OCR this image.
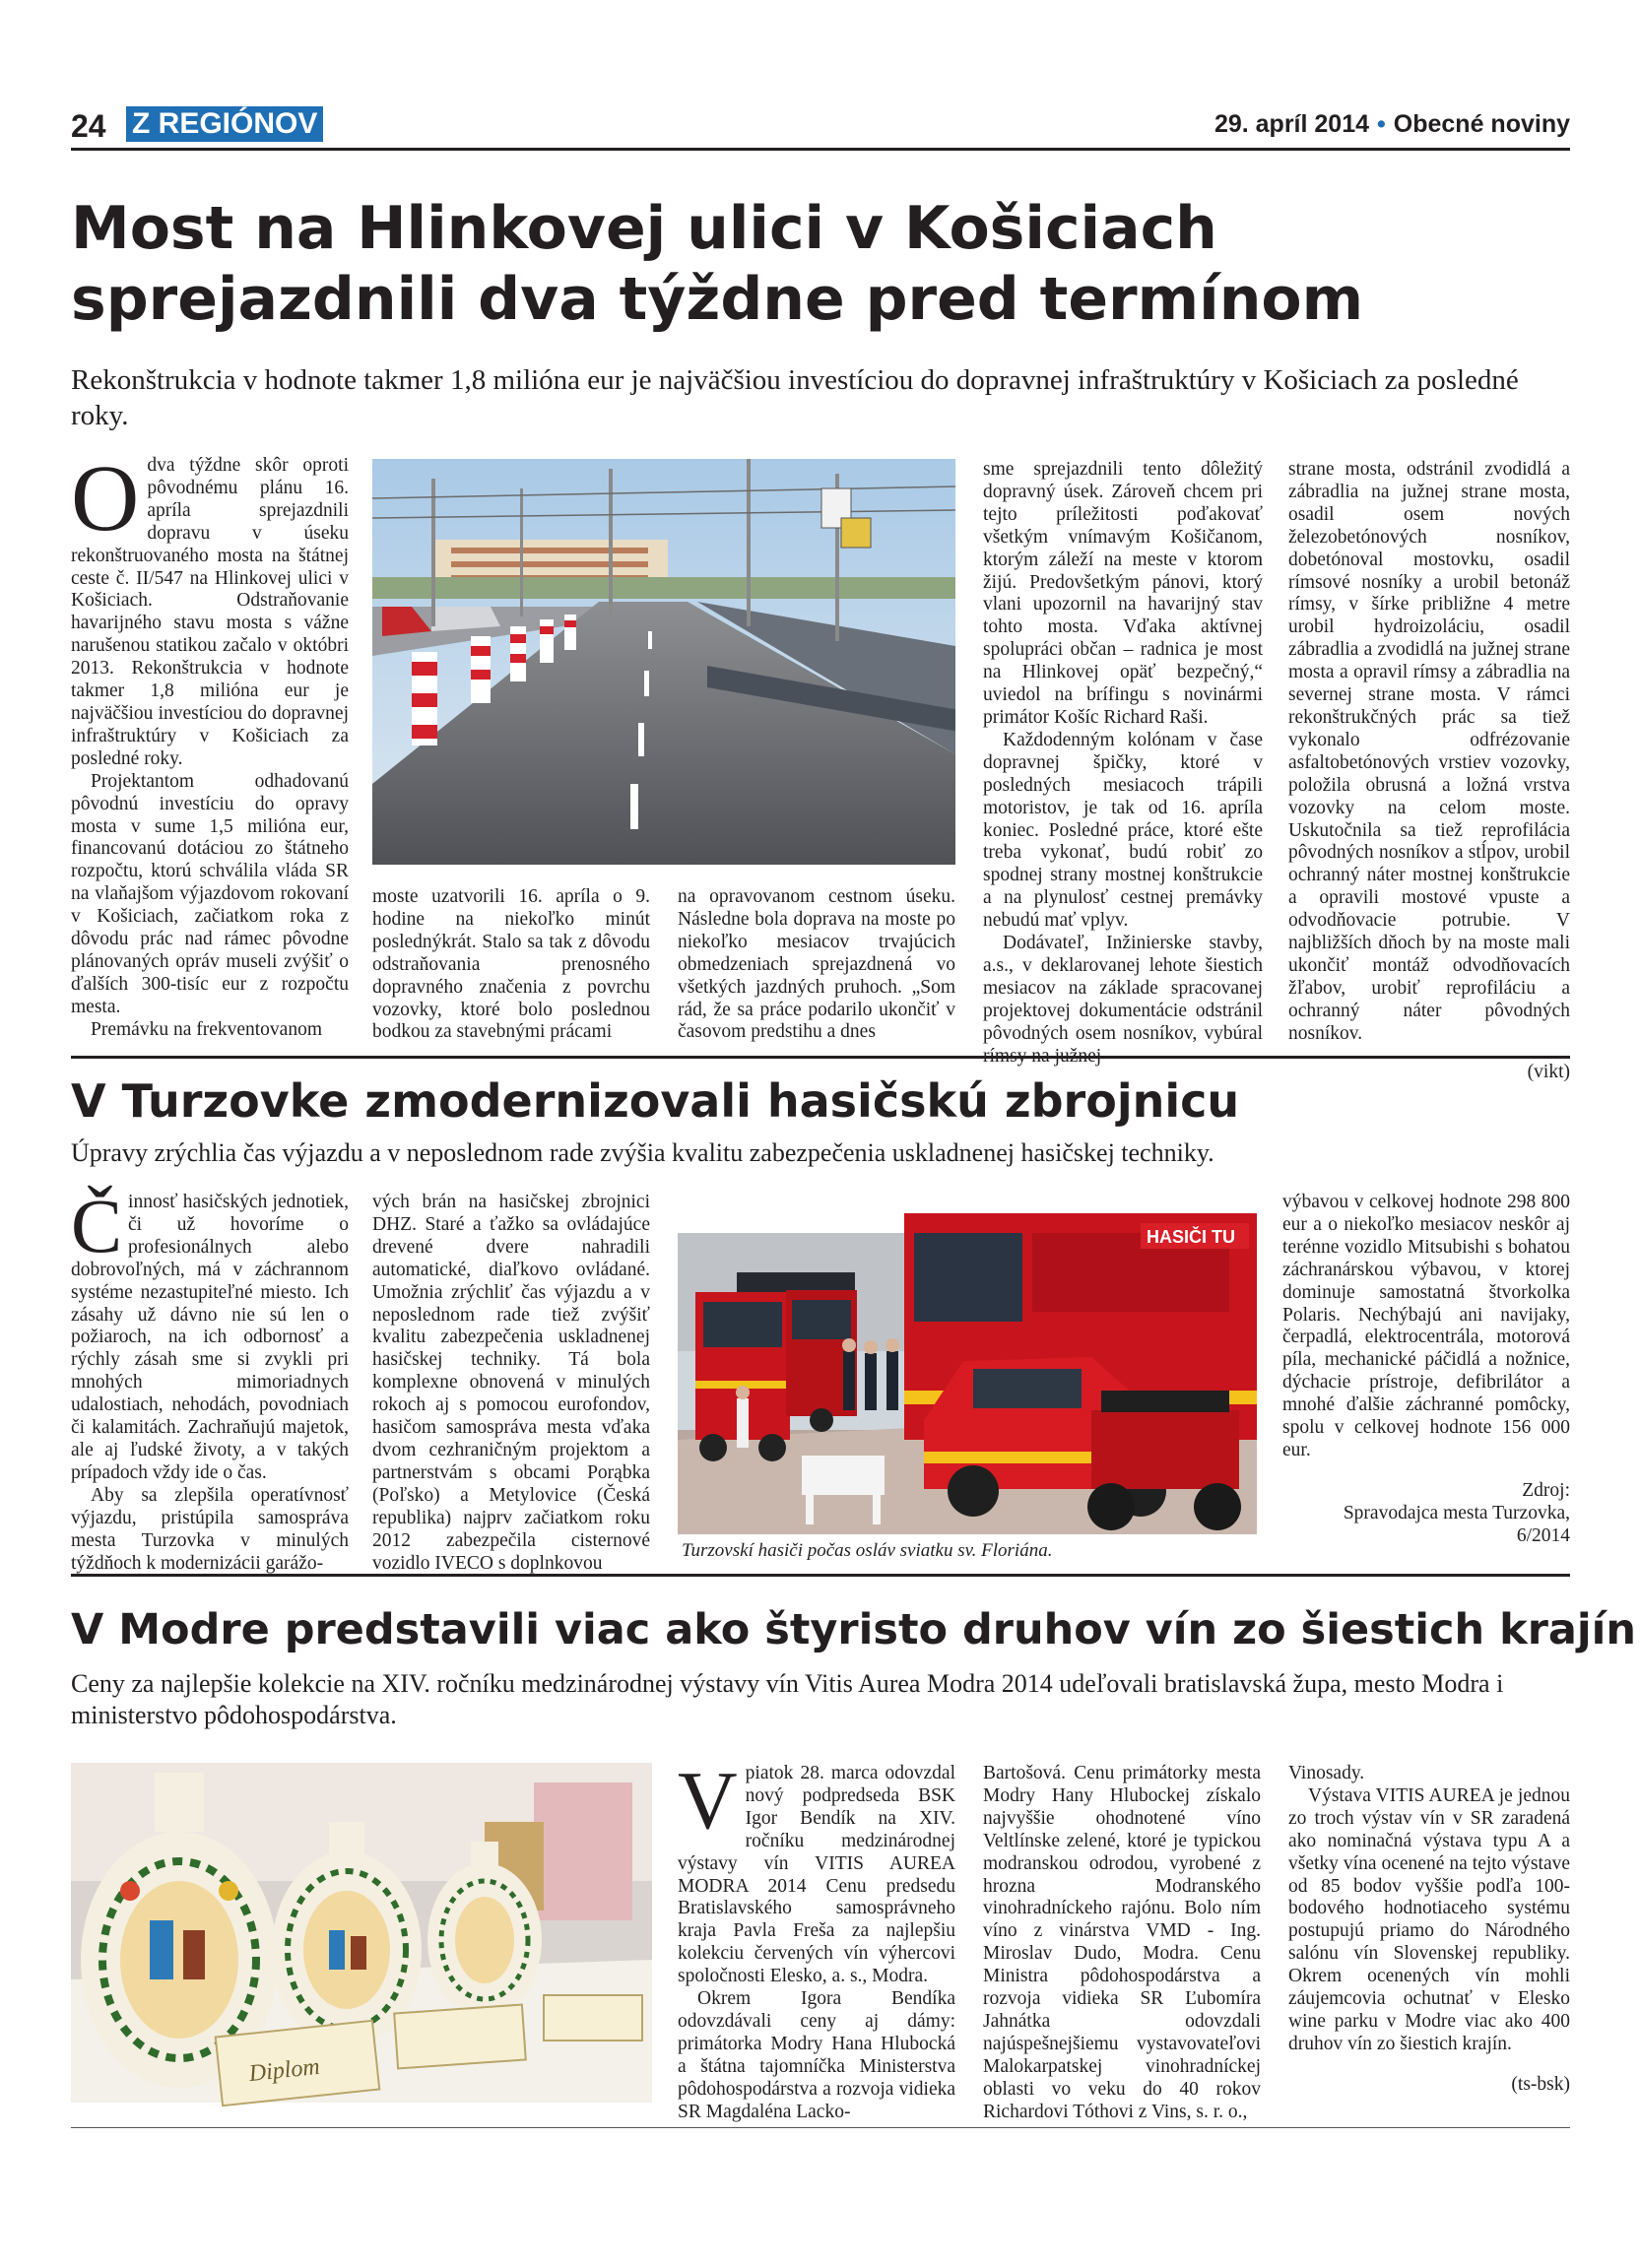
24 Z REGIÓNOV	29. apríl 2014 • Obecné noviny
Most na Hlinkovej ulici v Košiciach
sprejazdnili dva týždne pred termínom

Rekonštrukcia v hodnote takmer 1,8 milióna eur je najväčšiou investíciou do dopravnej infraštruktúry v Košiciach za posledné roky.

Odva týždne skôr oproti pôvodnému plánu 16. apríla sprejazdnili dopravu v úseku rekonštruovaného mosta na štátnej ceste č. II/547 na Hlinkovej ulici v Košiciach. Odstraňovanie havarijného stavu mosta s vážne narušenou statikou začalo v októbri 2013. Rekonštrukcia v hodnote takmer 1,8 milióna eur je najväčšiou investíciou do dopravnej infraštruktúry v Košiciach za posledné roky.

Projektantom odhadovanú pôvodnú investíciu do opravy mosta v sume 1,5 milióna eur, financovanú dotáciou zo štátneho rozpočtu, ktorú schválila vláda SR na vlaňajšom výjazdovom rokovaní v Košiciach, začiatkom roka z dôvodu prác nad rámec pôvodne plánovaných opráv museli zvýšiť o ďalších 300-tisíc eur z rozpočtu mesta.

Premávku na frekventovanom

moste uzatvorili 16. apríla o 9. hodine na niekoľko minút poslednýkrát. Stalo sa tak z dôvodu odstraňovania prenosného dopravného značenia z povrchu vozovky, ktoré bolo poslednou bodkou za stavebnými prácami

na opravovanom cestnom úseku. Následne bola doprava na moste po niekoľko mesiacov trvajúcich obmedzeniach sprejazdnená vo všetkých jazdných pruhoch. „Som rád, že sa práce podarilo ukončiť v časovom predstihu a dnes

sme sprejazdnili tento dôležitý dopravný úsek. Zároveň chcem pri tejto príležitosti poďakovať všetkým vnímavým Košičanom, ktorým záleží na meste v ktorom žijú. Predovšetkým pánovi, ktorý vlani upozornil na havarijný stav tohto mosta. Vďaka aktívnej spolupráci občan – radnica je most na Hlinkovej opäť bezpečný,“ uviedol na brífingu s novinármi primátor Košíc Richard Raši.

Každodenným kolónam v čase dopravnej špičky, ktoré v posledných mesiacoch trápili motoristov, je tak od 16. apríla koniec. Posledné práce, ktoré ešte treba vykonať, budú robiť zo spodnej strany mostnej konštrukcie a na plynulosť cestnej premávky nebudú mať vplyv.

Dodávateľ, Inžinierske stavby, a.s., v deklarovanej lehote šiestich mesiacov na základe spracovanej projektovej dokumentácie odstránil pôvodných osem nosníkov, vybúral

strane mosta, odstránil zvodidlá a zábradlia na južnej strane mosta, osadil osem nových železobetónových nosníkov, dobetónoval mostovku, osadil rímsové nosníky a urobil betonáž rímsy, v šírke približne 4 metre urobil hydroizoláciu, osadil zábradlia a zvodidlá na južnej strane mosta a opravil rímsy a zábradlia na severnej strane mosta. V rámci rekonštrukčných prác sa tiež vykonalo odfrézovanie asfaltobetónových vrstiev vozovky, položila obrusná a ložná vrstva vozovky na celom moste. Uskutočnila sa tiež reprofilácia pôvodných nosníkov a stĺpov, urobil ochranný náter mostnej konštrukcie a opravili mostové vpuste a odvodňovacie potrubie. V najbližších dňoch by na moste mali ukončiť montáž odvodňovacích žľabov, urobiť reprofiláciu a ochranný náter pôvodných nosníkov.

(vikt)

V Turzovke zmodernizovali hasičskú zbrojnicu

Úpravy zrýchlia čas výjazdu a v neposlednom rade zvýšia kvalitu zabezpečenia uskladnenej hasičskej techniky.

Činnosť hasičských jednotiek, či už hovoríme o profesionálnych alebo dobrovoľných, má v záchrannom systéme nezastupiteľné miesto. Ich zásahy už dávno nie sú len o požiaroch, na ich odbornosť a rýchly zásah sme si zvykli pri mnohých mimoriadnych udalostiach, nehodách, povodniach či kalamitách. Zachraňujú majetok, ale aj ľudské životy, a v takých prípadoch vždy ide o čas.

Aby sa zlepšila operatívnosť výjazdu, pristúpila samospráva mesta Turzovka v minulých týždňoch k modernizácii garážo-

vých brán na hasičskej zbrojnici DHZ. Staré a ťažko sa ovládajúce drevené dvere nahradili automatické, diaľkovo ovládané. Umožnia zrýchliť čas výjazdu a v neposlednom rade tiež zvýšiť kvalitu zabezpečenia uskladnenej hasičskej techniky. Tá bola komplexne obnovená v minulých rokoch aj s pomocou eurofondov, hasičom samospráva mesta vďaka dvom cezhraničným projektom a partnerstvám s obcami Porąbka (Poľsko) a Metylovice (Česká republika) najprv začiatkom roku 2012 zabezpečila cisternové vozidlo IVECO s doplnkovou

HASIČI TU
Turzovskí hasiči počas osláv sviatku sv. Floriána.

výbavou v celkovej hodnote 298 800 eur a o niekoľko mesiacov neskôr aj terénne vozidlo Mitsubishi s bohatou záchranárskou výbavou, v ktorej dominuje samostatná štvorkolka Polaris. Nechýbajú ani navijaky, čerpadlá, elektrocentrála, motorová píla, mechanické páčidlá a nožnice, dýchacie prístroje, defibrilátor a mnohé ďalšie záchranné pomôcky, spolu v celkovej hodnote 156 000 eur.

Zdroj:

Spravodajca mesta Turzovka,

6/2014

V Modre predstavili viac ako štyristo druhov vín zo šiestich krajín

Ceny za najlepšie kolekcie na XIV. ročníku medzinárodnej výstavy vín Vitis Aurea Modra 2014 udeľovali bratislavská župa, mesto Modra i ministerstvo pôdohospodárstva.

Diplom

Vpiatok 28. marca odovzdal nový podpredseda BSK Igor Bendík na XIV. ročníku medzinárodnej výstavy vín VITIS AUREA MODRA 2014 Cenu predsedu Bratislavského samosprávneho kraja Pavla Freša za najlepšiu kolekciu červených vín výhercovi spoločnosti Elesko, a. s., Modra.

Okrem Igora Bendíka odovzdávali ceny aj dámy: primátorka Modry Hana Hlubocká a štátna tajomníčka Ministerstva pôdohospodárstva a rozvoja vidieka SR Magdaléna Lacko-

Bartošová. Cenu primátorky mesta Modry Hany Hlubockej získalo najvyššie ohodnotené víno Veltlínske zelené, ktoré je typickou modranskou odrodou, vyrobené z hrozna Modranského vinohradníckeho rajónu. Bolo ním víno z vinárstva VMD - Ing. Miroslav Dudo, Modra. Cenu Ministra pôdohospodárstva a rozvoja vidieka SR Ľubomíra Jahnátka odovzdali najúspešnejšiemu vystavovateľovi Malokarpatskej vinohradníckej oblasti vo veku do 40 rokov Richardovi Tóthovi z Vins, s. r. o.,

Vinosady.

Výstava VITIS AUREA je jednou zo troch výstav vín v SR zaradená ako nominačná výstava typu A a všetky vína ocenené na tejto výstave od 85 bodov vyššie podľa 100-bodového hodnotiaceho systému postupujú priamo do Národného salónu vín Slovenskej republiky. Okrem ocenených vín mohli záujemcovia ochutnať v Elesko wine parku v Modre viac ako 400 druhov vín zo šiestich krajín.

(ts-bsk)
